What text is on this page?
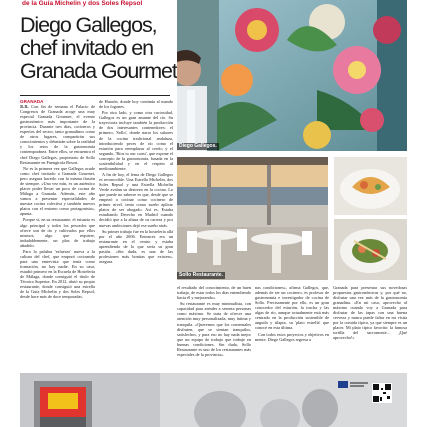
de la Guía Michelin y dos Soles Repsol
Diego Gallegos,
chef invitado en
Granada Gourmet
Diego Gallegos.
Sollo Restaurante.

GRANADA
S.S. Con fin de semana el Palacio de Congresos de Granada acoge una muy especial Granada Gourmet, el evento gastronómico más importante de la provincia. Durante tres días, cocineros y expertos del sector, tanto granadinos como de otros lugares, compartirán sus conocimientos y debatirán sobre la realidad y los retos de la gastronomía contemporánea. Entre ellos, se encuentra el chef Diego Gallegos, propietario de Sollo Restaurante en Fuengirola Resort.

No es la primera vez que Gallegos acude como chef invitado a Granada Gourmet, pero asegura hacerlo con la misma ilusión de siempre. «Una vez más, es un auténtico placer poder llevar un poco de cocina de Málaga a Granada. Además, este año vamos a presentar especialidades de nuestra cocina colectiva y también nuevos platos con el entorno como protagonista», apunta.

Porque sí, en su restaurante, el estuario es algo principal y todos los pescados que ofrece son de río y cultivados por ellos mismos, algo que requiere, indudablemente, un plus de trabajo añadido.

Para la palabra 'esfuerzo' nueva a la cultura del chef, que empezó cocinando para una entrevista que tenía como formación, no hay nadie. En su casa, estudió primero en la Escuela de Hostelería de Málaga, donde consiguió el título de Técnico Superior. En 2012, abrió su propio restaurante, donde consiguió una estrella de la Guía Michelin y dos Soles Repsol, desde hace más de doce temporadas.

de Huarón, donde hoy continúa al mando de los fogones.

Por otro lado, y como otra curiosidad, Gallegos es un gran amante del río. Su trayectoria incluye también la producción de dos interesantes contenedores: el primero, 'Sollo', donde narra los sabores de la cocina tradicional andaluza, introduciendo peces de río como el esturión para reemplazar al cerdo; y el segundo, 'Ríos to our coast', que expone el concepto de la gastronomía, basada en la sostenibilidad y en el respeto al medioambiente.

A fin de hoy, el lema de Diego Gallegos es reconocible. Una Estrella Michelin, dos Soles Repsol y una Estrella Michelin Verde avalan su destreza en la cocina. Lo que puede no saberse es que, desde que se empezó a cocinar como cocinero de primer nivel, tenía como sueño aplicar platos de ser abogado. Así es. Estaba estudiando Derecho en Madrid cuando decidió que a la altura de su carrera y por nuevas ambiciones dejó ese sueño atrás.

Su primer trabajo fue en la hostelería allá por el año 2006. Entonces era un restaurante en el centro y estaba aprendiendo de lo que sería su gran pasión. «Sin duda, es una de las profesiones más bonitas que existen», asegura.

el resultado del conocimiento, de un buen trabajo, de estar todos los días entendiendo hacia él y mejorando».

Su restaurante es muy minimalista, con capacidad para atender a sesenta personas como máximo. Se trata de ofrecer una atención muy personalizada, muy íntima y tranquila. «Queremos que los comensales disfruten, que se sientan tranquilos, satisfechos, y para eso no hay nada mejor que un equipo de trabajo que trabaje en buenas condiciones. Sin duda, Sollo Restaurante es uno de los restaurantes más especiales de la provincia».

nas condiciones», afirma Gallegos, que, además de ser un cocinero, es profesor de gastronomía e investigador de cocina de Sollo. Precisamente por ello, es un gran conocedor del esturión, la trucha y las algas de río, aunque actualmente está más centrado en la producción sostenible de anguila y tilapia, su 'plato estrella' que conoce en esta última.

Con todos estos proyectos y objetivos en mente, Diego Gallegos regresa a

Granada para presentar sus novedosas propuestas gastronómicas y, por qué no, disfrutar una vez más de la gastronomía granadina. «En mi caso, aprovecho al máximo cuando voy a Granada para disfrutar de las tapas con una buena cerveza y nunca puede faltar en mi visita por la comida típica, ya que siempre es un placer. Mi plato típico favorito: la famosa tortilla del sacromonte... ¡Qué aprovecho!»
